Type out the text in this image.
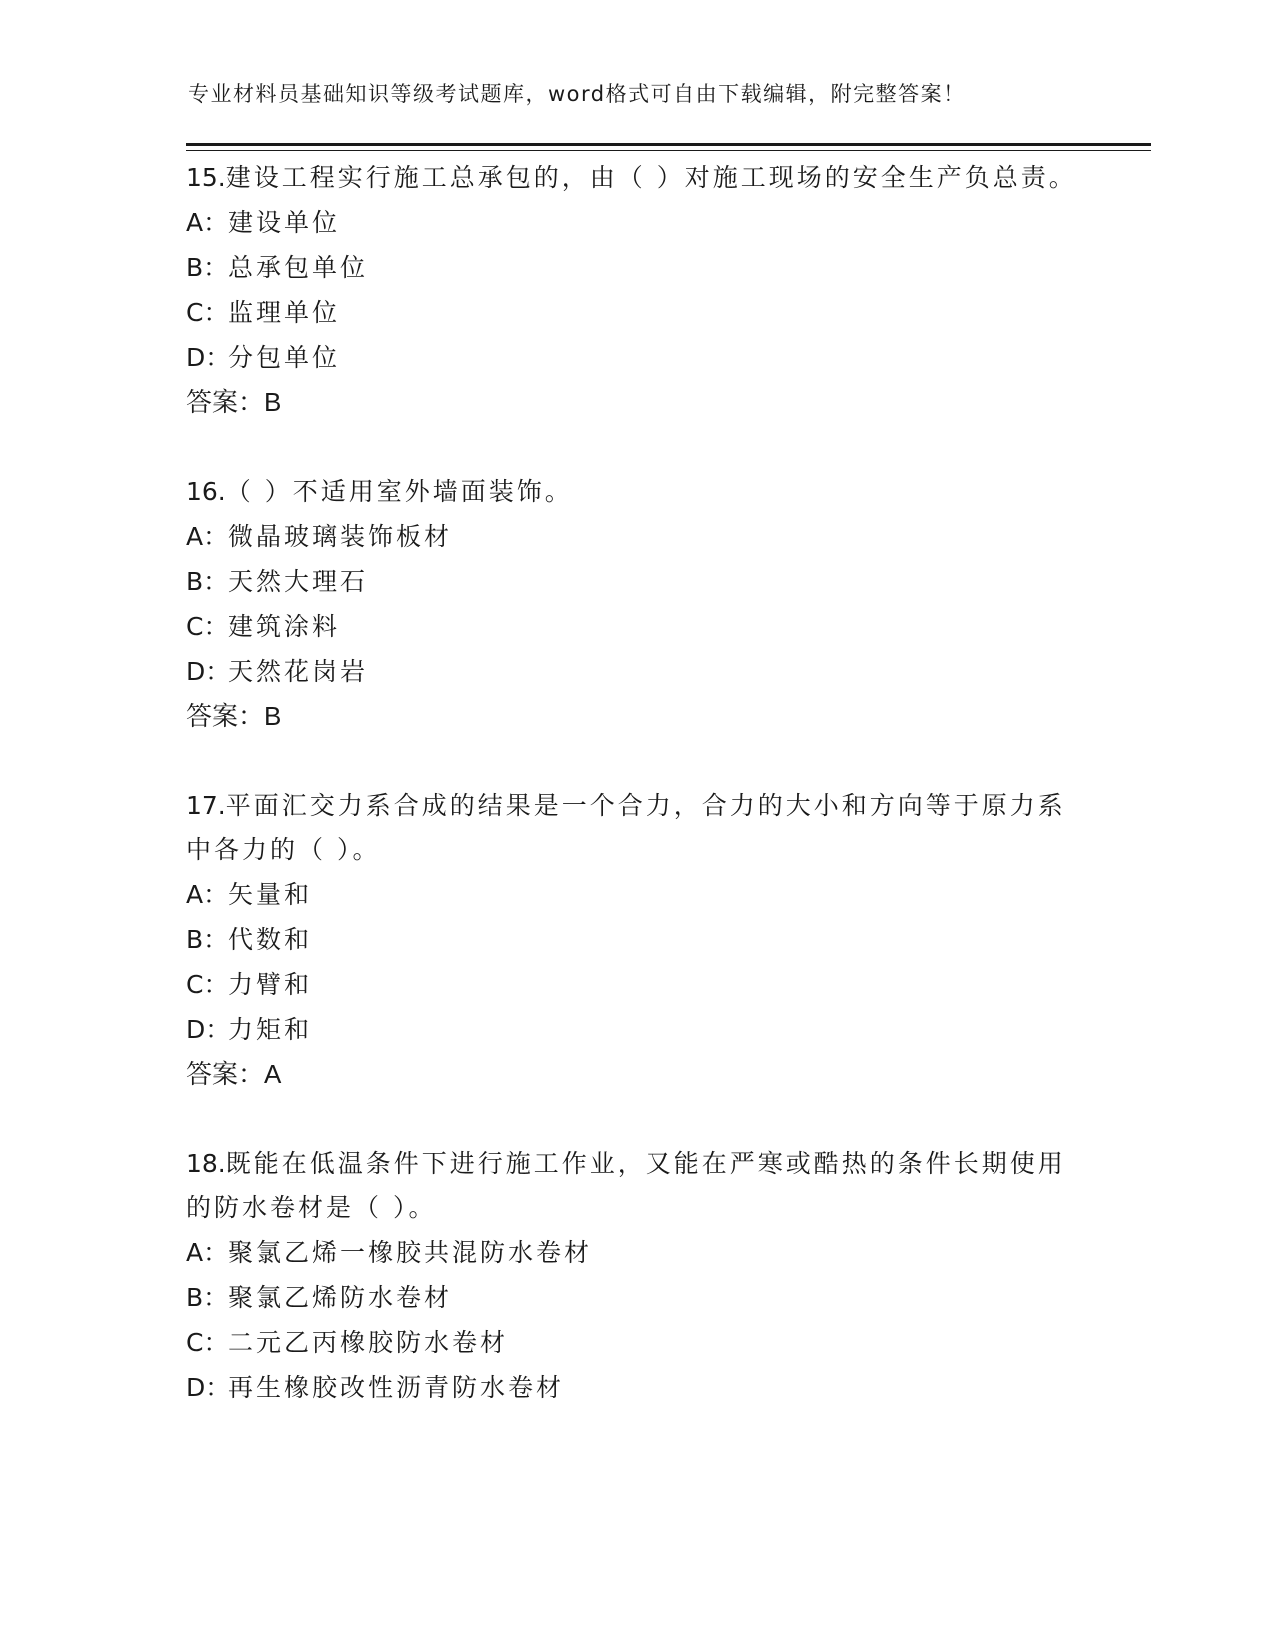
专业材料员基础知识等级考试题库，word格式可自由下载编辑，附完整答案！
15.建设工程实行施工总承包的，由（ ）对施工现场的安全生产负总责。
A：建设单位
B：总承包单位
C：监理单位
D：分包单位
答案：B
16.（ ）不适用室外墙面装饰。
A：微晶玻璃装饰板材
B：天然大理石
C：建筑涂料
D：天然花岗岩
答案：B
17.平面汇交力系合成的结果是一个合力，合力的大小和方向等于原力系中各力的（ ）。
A：矢量和
B：代数和
C：力臂和
D：力矩和
答案：A
18.既能在低温条件下进行施工作业，又能在严寒或酷热的条件长期使用的防水卷材是（ ）。
A：聚氯乙烯一橡胶共混防水卷材
B：聚氯乙烯防水卷材
C：二元乙丙橡胶防水卷材
D：再生橡胶改性沥青防水卷材
